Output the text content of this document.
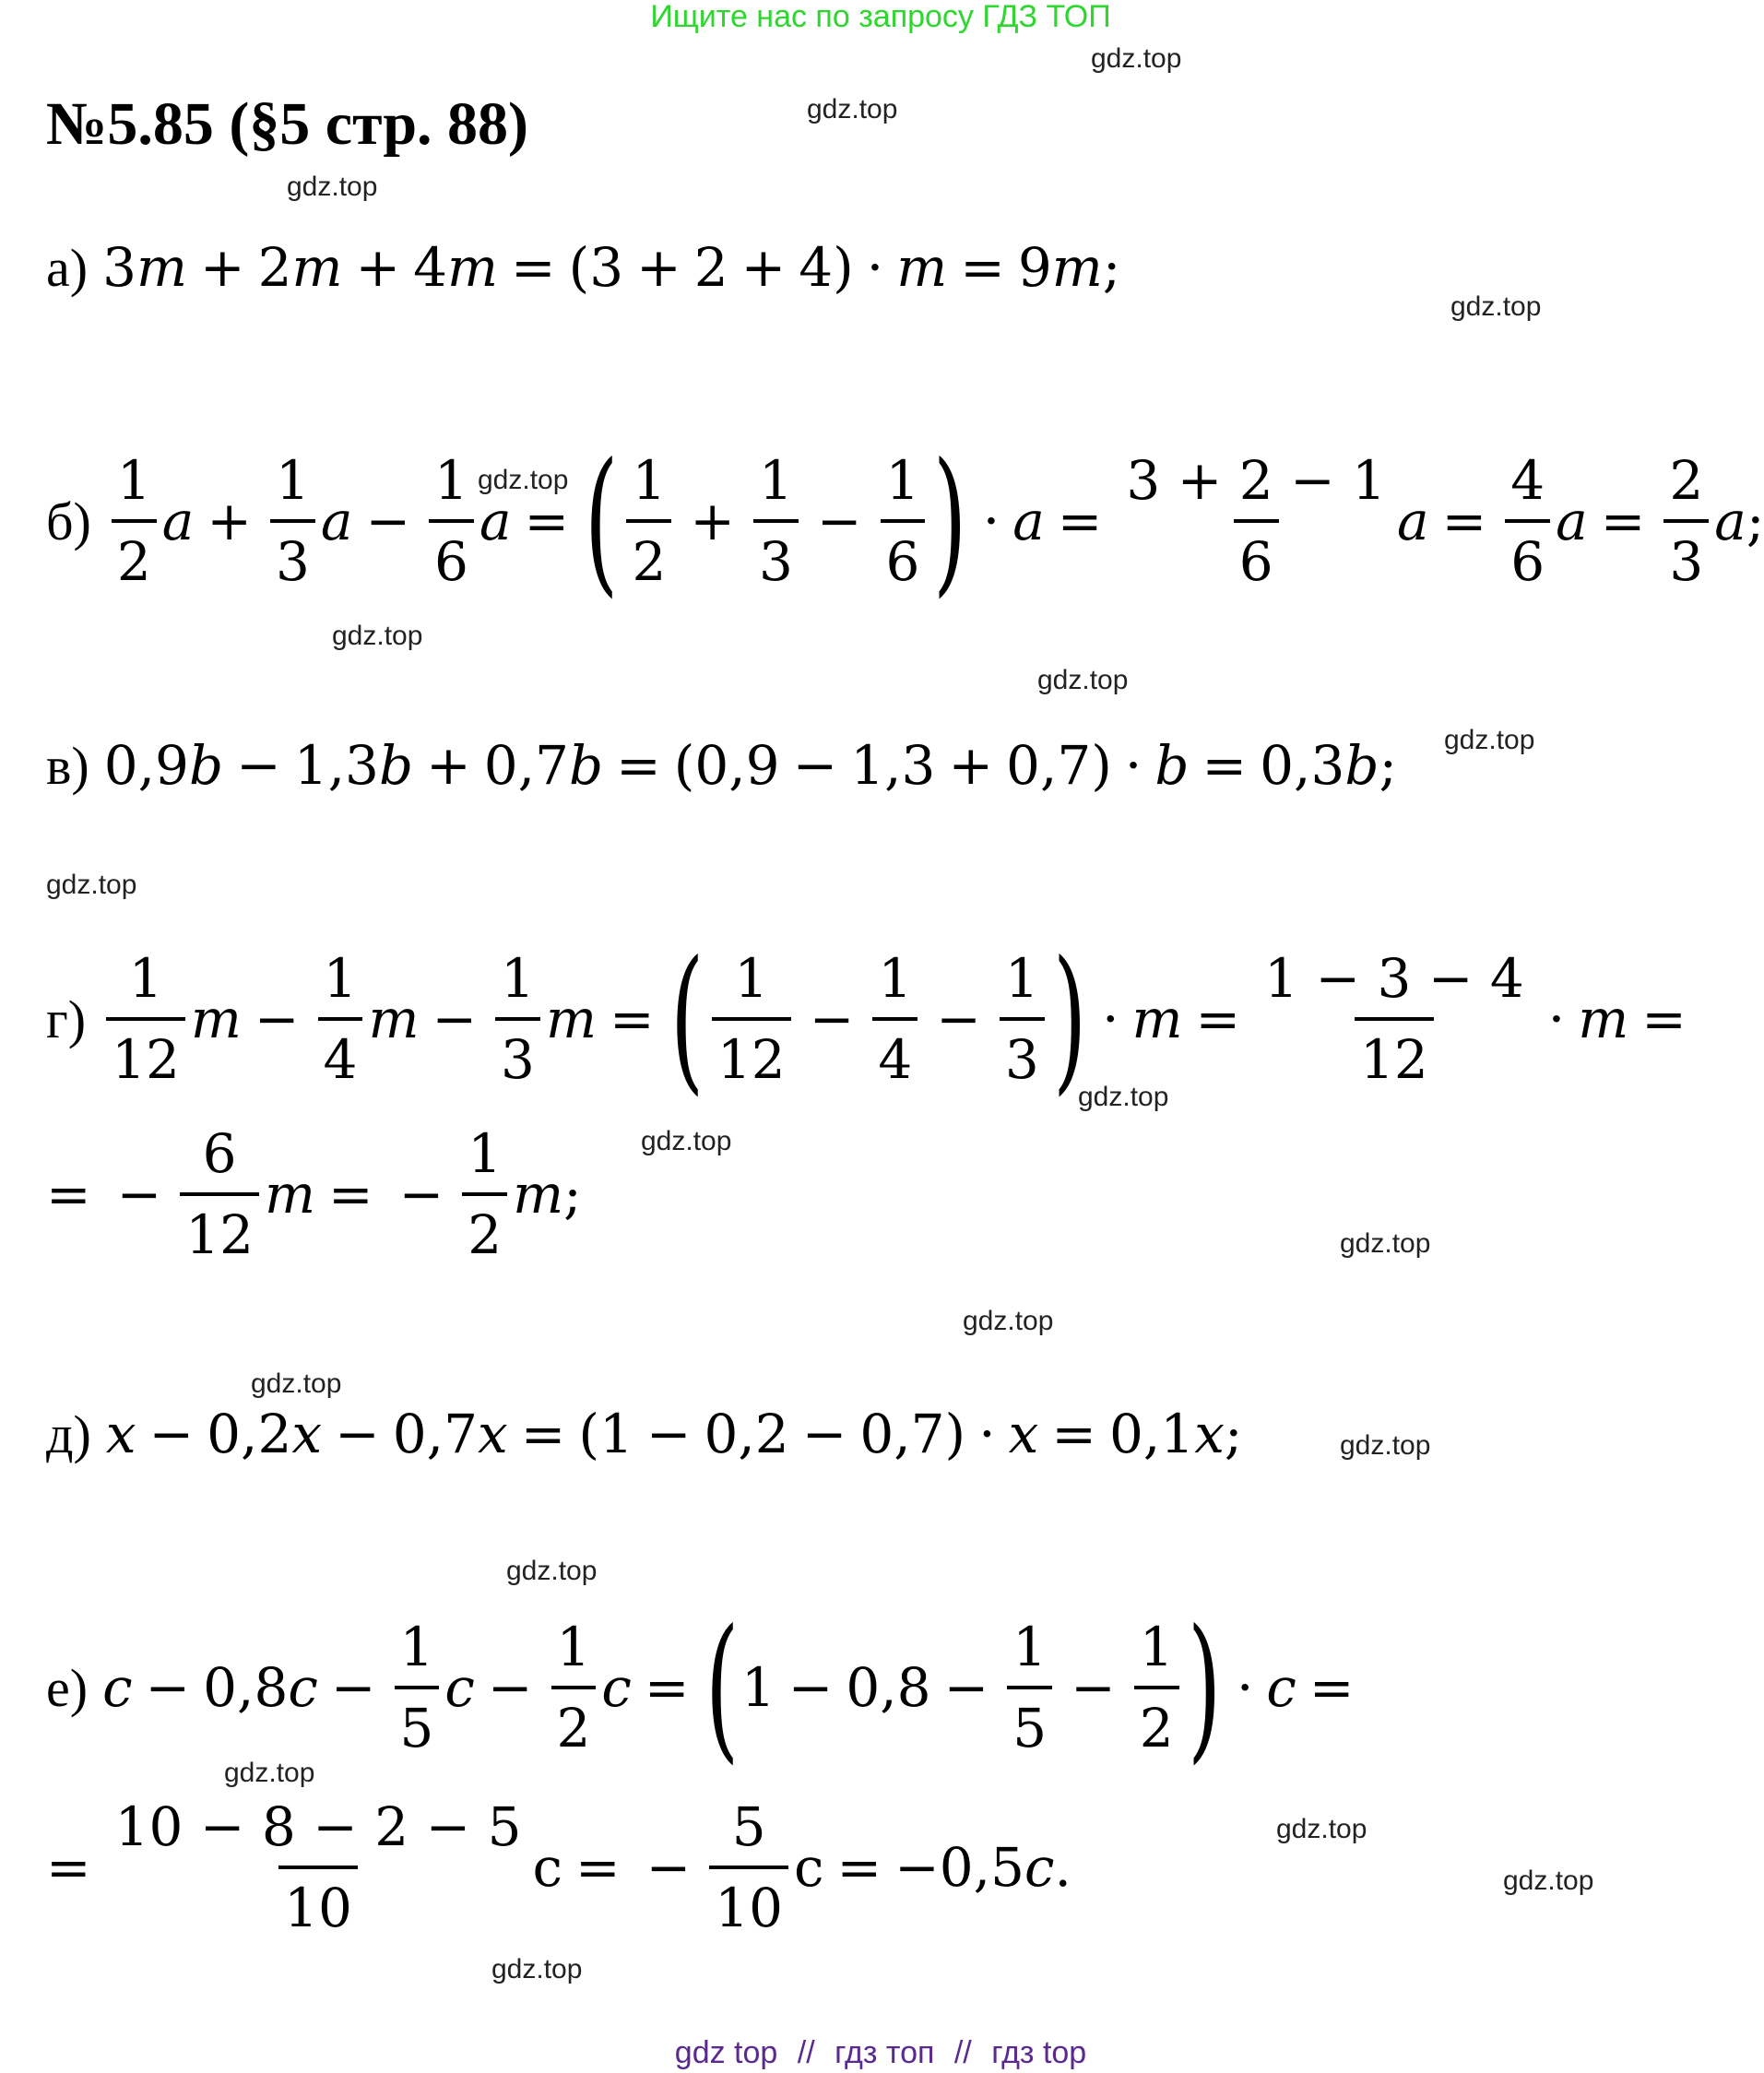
Ищите нас по запросу ГДЗ ТОП
№5.85 (§5 стр. 88)
gdz.top
gdz.top
gdz.top
gdz.top
gdz.top
gdz.top
gdz.top
gdz.top
gdz.top
gdz.top
gdz.top
gdz.top
gdz.top
gdz.top
gdz.top
gdz.top
gdz.top
gdz.top
gdz.top
gdz.top
а) 3m + 2m + 4m = (3 + 2 + 4) · m = 9m;
б)
1
2
$a + \frac{1}{3}$ $a - \frac{1}{6}$ a = ( 1
2
+ $\frac{1}{3} - \frac{1}{6}$ ) · $a = \frac{3 + 2 - 1}{6}$ $a = \frac{4}{6}$ $a = \frac{2}{3}$ a ;
в) 0,9b − 1,3b + 0,7b = (0,9 − 1,3 + 0,7) · b = 0,3b;
г)
1
12
$m - \frac{1}{4}$ $m - \frac{1}{3}$ m = ( 1
12
− $\frac{1}{4} - \frac{1}{3}$ ) · $m = \frac{1 - 3 - 4}{12} \cdot m$ =
= − $\frac{6}{12}$ m = − $\frac{1}{2}$ m ;
д) x − 0,2x − 0,7x = (1 − 0,2 − 0,7) · x = 0,1x;
е) c − 0,8 $c - \frac{1}{5}$ $c - \frac{1}{2}$ c = ( $1 - 0,8 - \frac{1}{5} - \frac{1}{2}$ ) · c =
= $\frac{10 - 8 - 2 - 5}{10}$ c = − $\frac{5}{10}$ c = −0,5 c .
gdz top // гдз топ // гдз top
